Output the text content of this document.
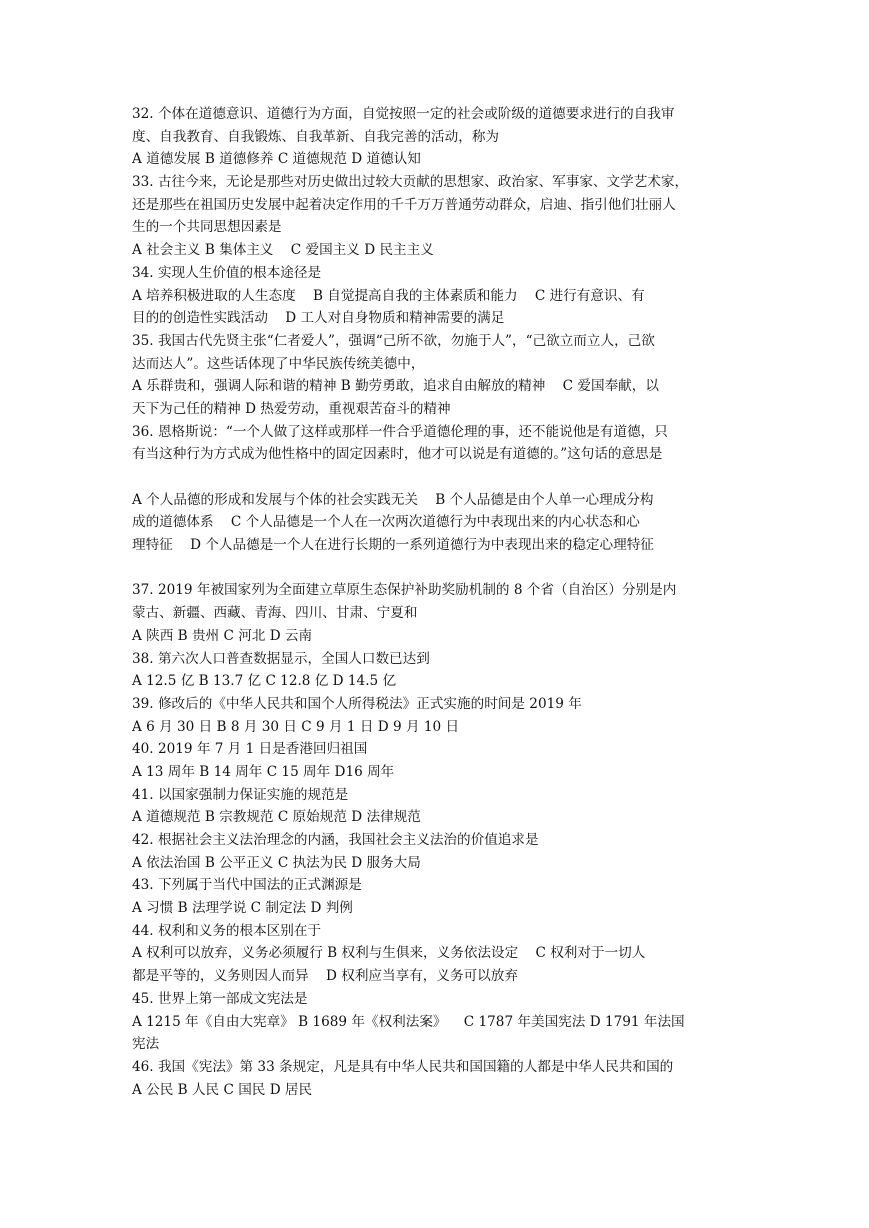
32. 个体在道德意识、道德行为方面，自觉按照一定的社会或阶级的道德要求进行的自我审
度、自我教育、自我锻炼、自我革新、自我完善的活动，称为
A 道德发展 B 道德修养 C 道德规范 D 道德认知
33. 古往今来，无论是那些对历史做出过较大贡献的思想家、政治家、军事家、文学艺术家，
还是那些在祖国历史发展中起着决定作用的千千万万普通劳动群众，启迪、指引他们壮丽人
生的一个共同思想因素是
A 社会主义 B 集体主义    C 爱国主义 D 民主主义
34. 实现人生价值的根本途径是
A 培养积极进取的人生态度    B 自觉提高自我的主体素质和能力    C 进行有意识、有
目的的创造性实践活动    D 工人对自身物质和精神需要的满足
35. 我国古代先贤主张“仁者爱人”，强调“己所不欲，勿施于人”，“己欲立而立人，己欲
达而达人”。这些话体现了中华民族传统美德中，
A 乐群贵和，强调人际和谐的精神 B 勤劳勇敢，追求自由解放的精神    C 爱国奉献，以
天下为己任的精神 D 热爱劳动，重视艰苦奋斗的精神
36. 恩格斯说：“一个人做了这样或那样一件合乎道德伦理的事，还不能说他是有道德，只
有当这种行为方式成为他性格中的固定因素时，他才可以说是有道德的。”这句话的意思是
A 个人品德的形成和发展与个体的社会实践无关    B 个人品德是由个人单一心理成分构
成的道德体系    C 个人品德是一个人在一次两次道德行为中表现出来的内心状态和心
理特征    D 个人品德是一个人在进行长期的一系列道德行为中表现出来的稳定心理特征
37. 2019 年被国家列为全面建立草原生态保护补助奖励机制的 8 个省（自治区）分别是内
蒙古、新疆、西藏、青海、四川、甘肃、宁夏和
A 陕西 B 贵州 C 河北 D 云南
38. 第六次人口普查数据显示，全国人口数已达到
A 12.5 亿 B 13.7 亿 C 12.8 亿 D 14.5 亿
39. 修改后的《中华人民共和国个人所得税法》正式实施的时间是 2019 年
A 6 月 30 日 B 8 月 30 日 C 9 月 1 日 D 9 月 10 日
40. 2019 年 7 月 1 日是香港回归祖国
A 13 周年 B 14 周年 C 15 周年 D16 周年
41. 以国家强制力保证实施的规范是
A 道德规范 B 宗教规范 C 原始规范 D 法律规范
42. 根据社会主义法治理念的内涵，我国社会主义法治的价值追求是
A 依法治国 B 公平正义 C 执法为民 D 服务大局
43. 下列属于当代中国法的正式渊源是
A 习惯 B 法理学说 C 制定法 D 判例
44. 权利和义务的根本区别在于
A 权利可以放弃，义务必须履行 B 权利与生俱来，义务依法设定    C 权利对于一切人
都是平等的，义务则因人而异    D 权利应当享有，义务可以放弃
45. 世界上第一部成文宪法是
A 1215 年《自由大宪章》 B 1689 年《权利法案》    C 1787 年美国宪法 D 1791 年法国
宪法
46. 我国《宪法》第 33 条规定，凡是具有中华人民共和国国籍的人都是中华人民共和国的
A 公民 B 人民 C 国民 D 居民
